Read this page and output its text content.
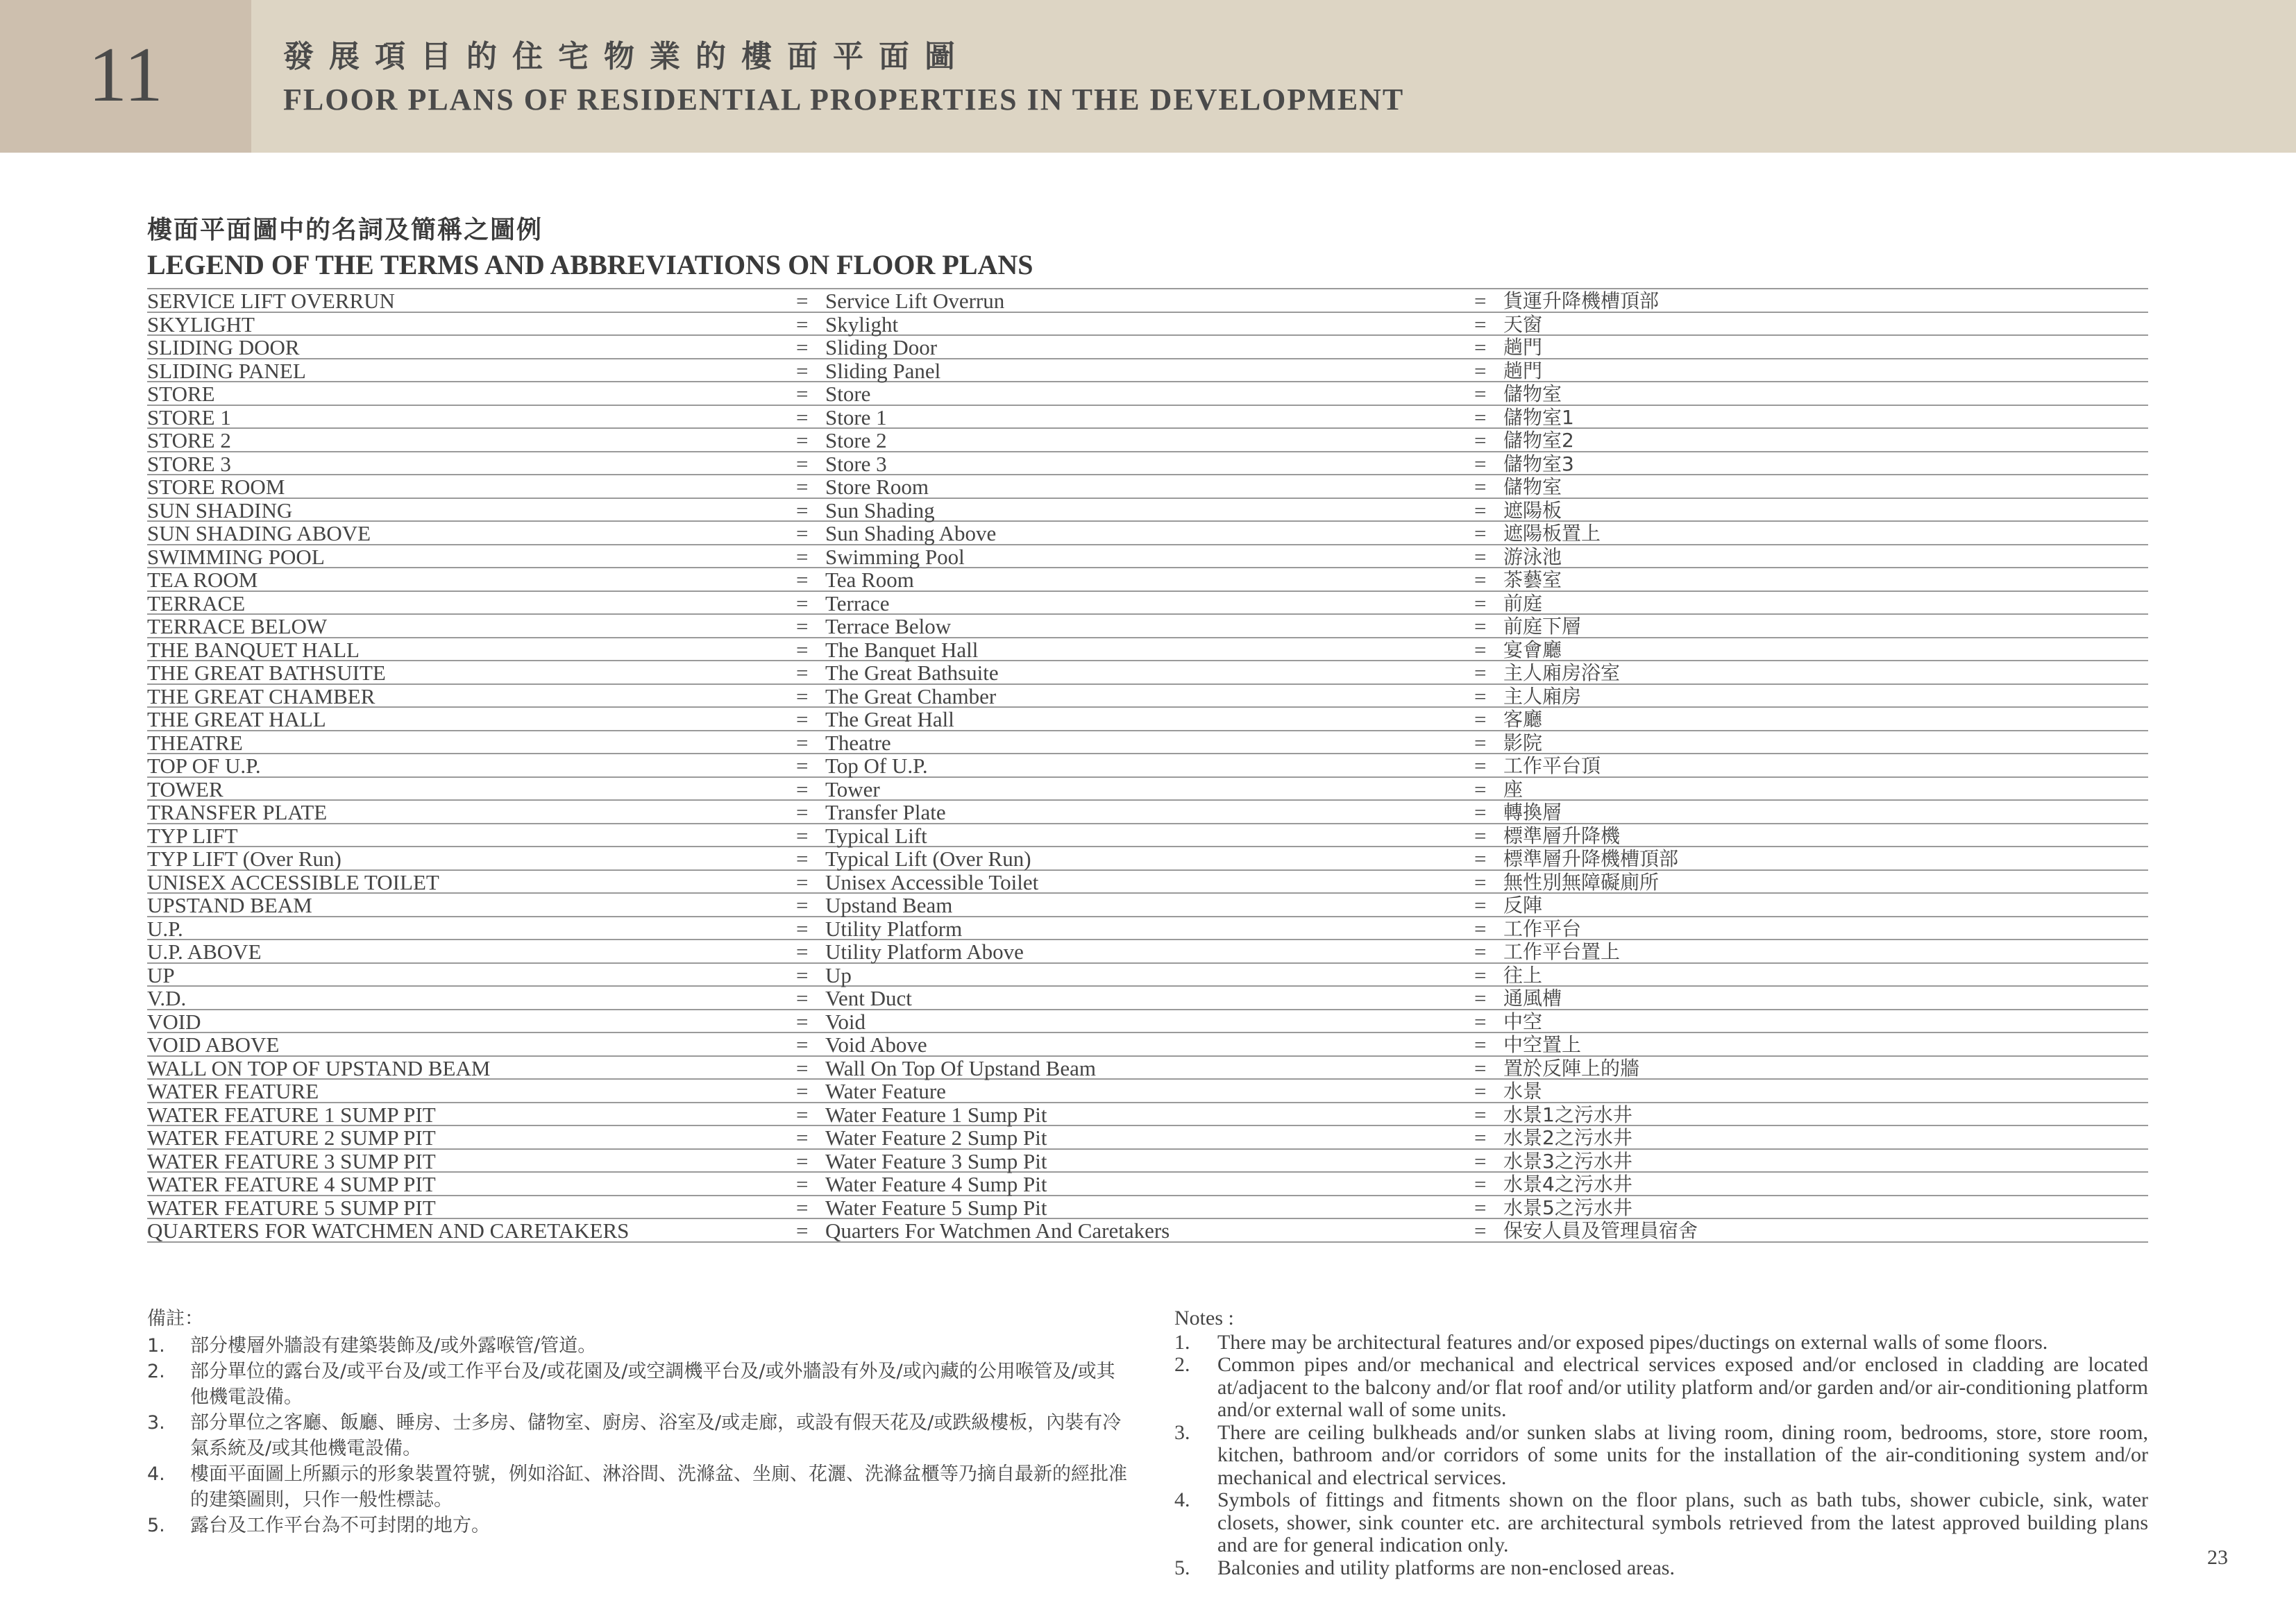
11	發展項目的住宅物業的樓面平面圖
FLOOR PLANS OF RESIDENTIAL PROPERTIES IN THE DEVELOPMENT
樓面平面圖中的名詞及簡稱之圖例
LEGEND OF THE TERMS AND ABBREVIATIONS ON FLOOR PLANS
SERVICE LIFT OVERRUN	= Service Lift Overrun	= 貨運升降機槽頂部
SKYLIGHT	= Skylight	= 天窗
SLIDING DOOR	= Sliding Door	= 趟門
SLIDING PANEL	= Sliding Panel	= 趟門
STORE	= Store	= 儲物室
STORE 1	= Store 1	= 儲物室1
STORE 2	= Store 2	= 儲物室2
STORE 3	= Store 3	= 儲物室3
STORE ROOM	= Store Room	= 儲物室
SUN SHADING	= Sun Shading	= 遮陽板
SUN SHADING ABOVE	= Sun Shading Above	= 遮陽板置上
SWIMMING POOL	= Swimming Pool	= 游泳池
TEA ROOM	= Tea Room	= 茶藝室
TERRACE	= Terrace	= 前庭
TERRACE BELOW	= Terrace Below	= 前庭下層
THE BANQUET HALL	= The Banquet Hall	= 宴會廳
THE GREAT BATHSUITE	= The Great Bathsuite	= 主人廂房浴室
THE GREAT CHAMBER	= The Great Chamber	= 主人廂房
THE GREAT HALL	= The Great Hall	= 客廳
THEATRE	= Theatre	= 影院
TOP OF U.P.	= Top Of U.P.	= 工作平台頂
TOWER	= Tower	= 座
TRANSFER PLATE	= Transfer Plate	= 轉換層
TYP LIFT	= Typical Lift	= 標準層升降機
TYP LIFT (Over Run)	= Typical Lift (Over Run)	= 標準層升降機槽頂部
UNISEX ACCESSIBLE TOILET	= Unisex Accessible Toilet	= 無性別無障礙廁所
UPSTAND BEAM	= Upstand Beam	= 反陣
U.P.	= Utility Platform	= 工作平台
U.P. ABOVE	= Utility Platform Above	= 工作平台置上
UP	= Up	= 往上
V.D.	= Vent Duct	= 通風槽
VOID	= Void	= 中空
VOID ABOVE	= Void Above	= 中空置上
WALL ON TOP OF UPSTAND BEAM	= Wall On Top Of Upstand Beam	= 置於反陣上的牆
WATER FEATURE	= Water Feature	= 水景
WATER FEATURE 1 SUMP PIT	= Water Feature 1 Sump Pit	= 水景1之污水井
WATER FEATURE 2 SUMP PIT	= Water Feature 2 Sump Pit	= 水景2之污水井
WATER FEATURE 3 SUMP PIT	= Water Feature 3 Sump Pit	= 水景3之污水井
WATER FEATURE 4 SUMP PIT	= Water Feature 4 Sump Pit	= 水景4之污水井
WATER FEATURE 5 SUMP PIT	= Water Feature 5 Sump Pit	= 水景5之污水井
QUARTERS FOR WATCHMEN AND CARETAKERS	= Quarters For Watchmen And Caretakers	= 保安人員及管理員宿舍
備註：
1. 部分樓層外牆設有建築裝飾及/或外露喉管/管道。
2. 部分單位的露台及/或平台及/或工作平台及/或花園及/或空調機平台及/或外牆設有外及/或內藏的公用喉管及/或其他機電設備。
3. 部分單位之客廳、飯廳、睡房、士多房、儲物室、廚房、浴室及/或走廊，或設有假天花及/或跌級樓板，內裝有冷氣系統及/或其他機電設備。
4. 樓面平面圖上所顯示的形象裝置符號，例如浴缸、淋浴間、洗滌盆、坐廁、花灑、洗滌盆櫃等乃摘自最新的經批准的建築圖則，只作一般性標誌。
5. 露台及工作平台為不可封閉的地方。
Notes :
1. There may be architectural features and/or exposed pipes/ductings on external walls of some floors.
2. Common pipes and/or mechanical and electrical services exposed and/or enclosed in cladding are located at/adjacent to the balcony and/or flat roof and/or utility platform and/or garden and/or air-conditioning platform and/or external wall of some units.
3. There are ceiling bulkheads and/or sunken slabs at living room, dining room, bedrooms, store, store room, kitchen, bathroom and/or corridors of some units for the installation of the air-conditioning system and/or mechanical and electrical services.
4. Symbols of fittings and fitments shown on the floor plans, such as bath tubs, shower cubicle, sink, water closets, shower, sink counter etc. are architectural symbols retrieved from the latest approved building plans and are for general indication only.
5. Balconies and utility platforms are non-enclosed areas.	23
